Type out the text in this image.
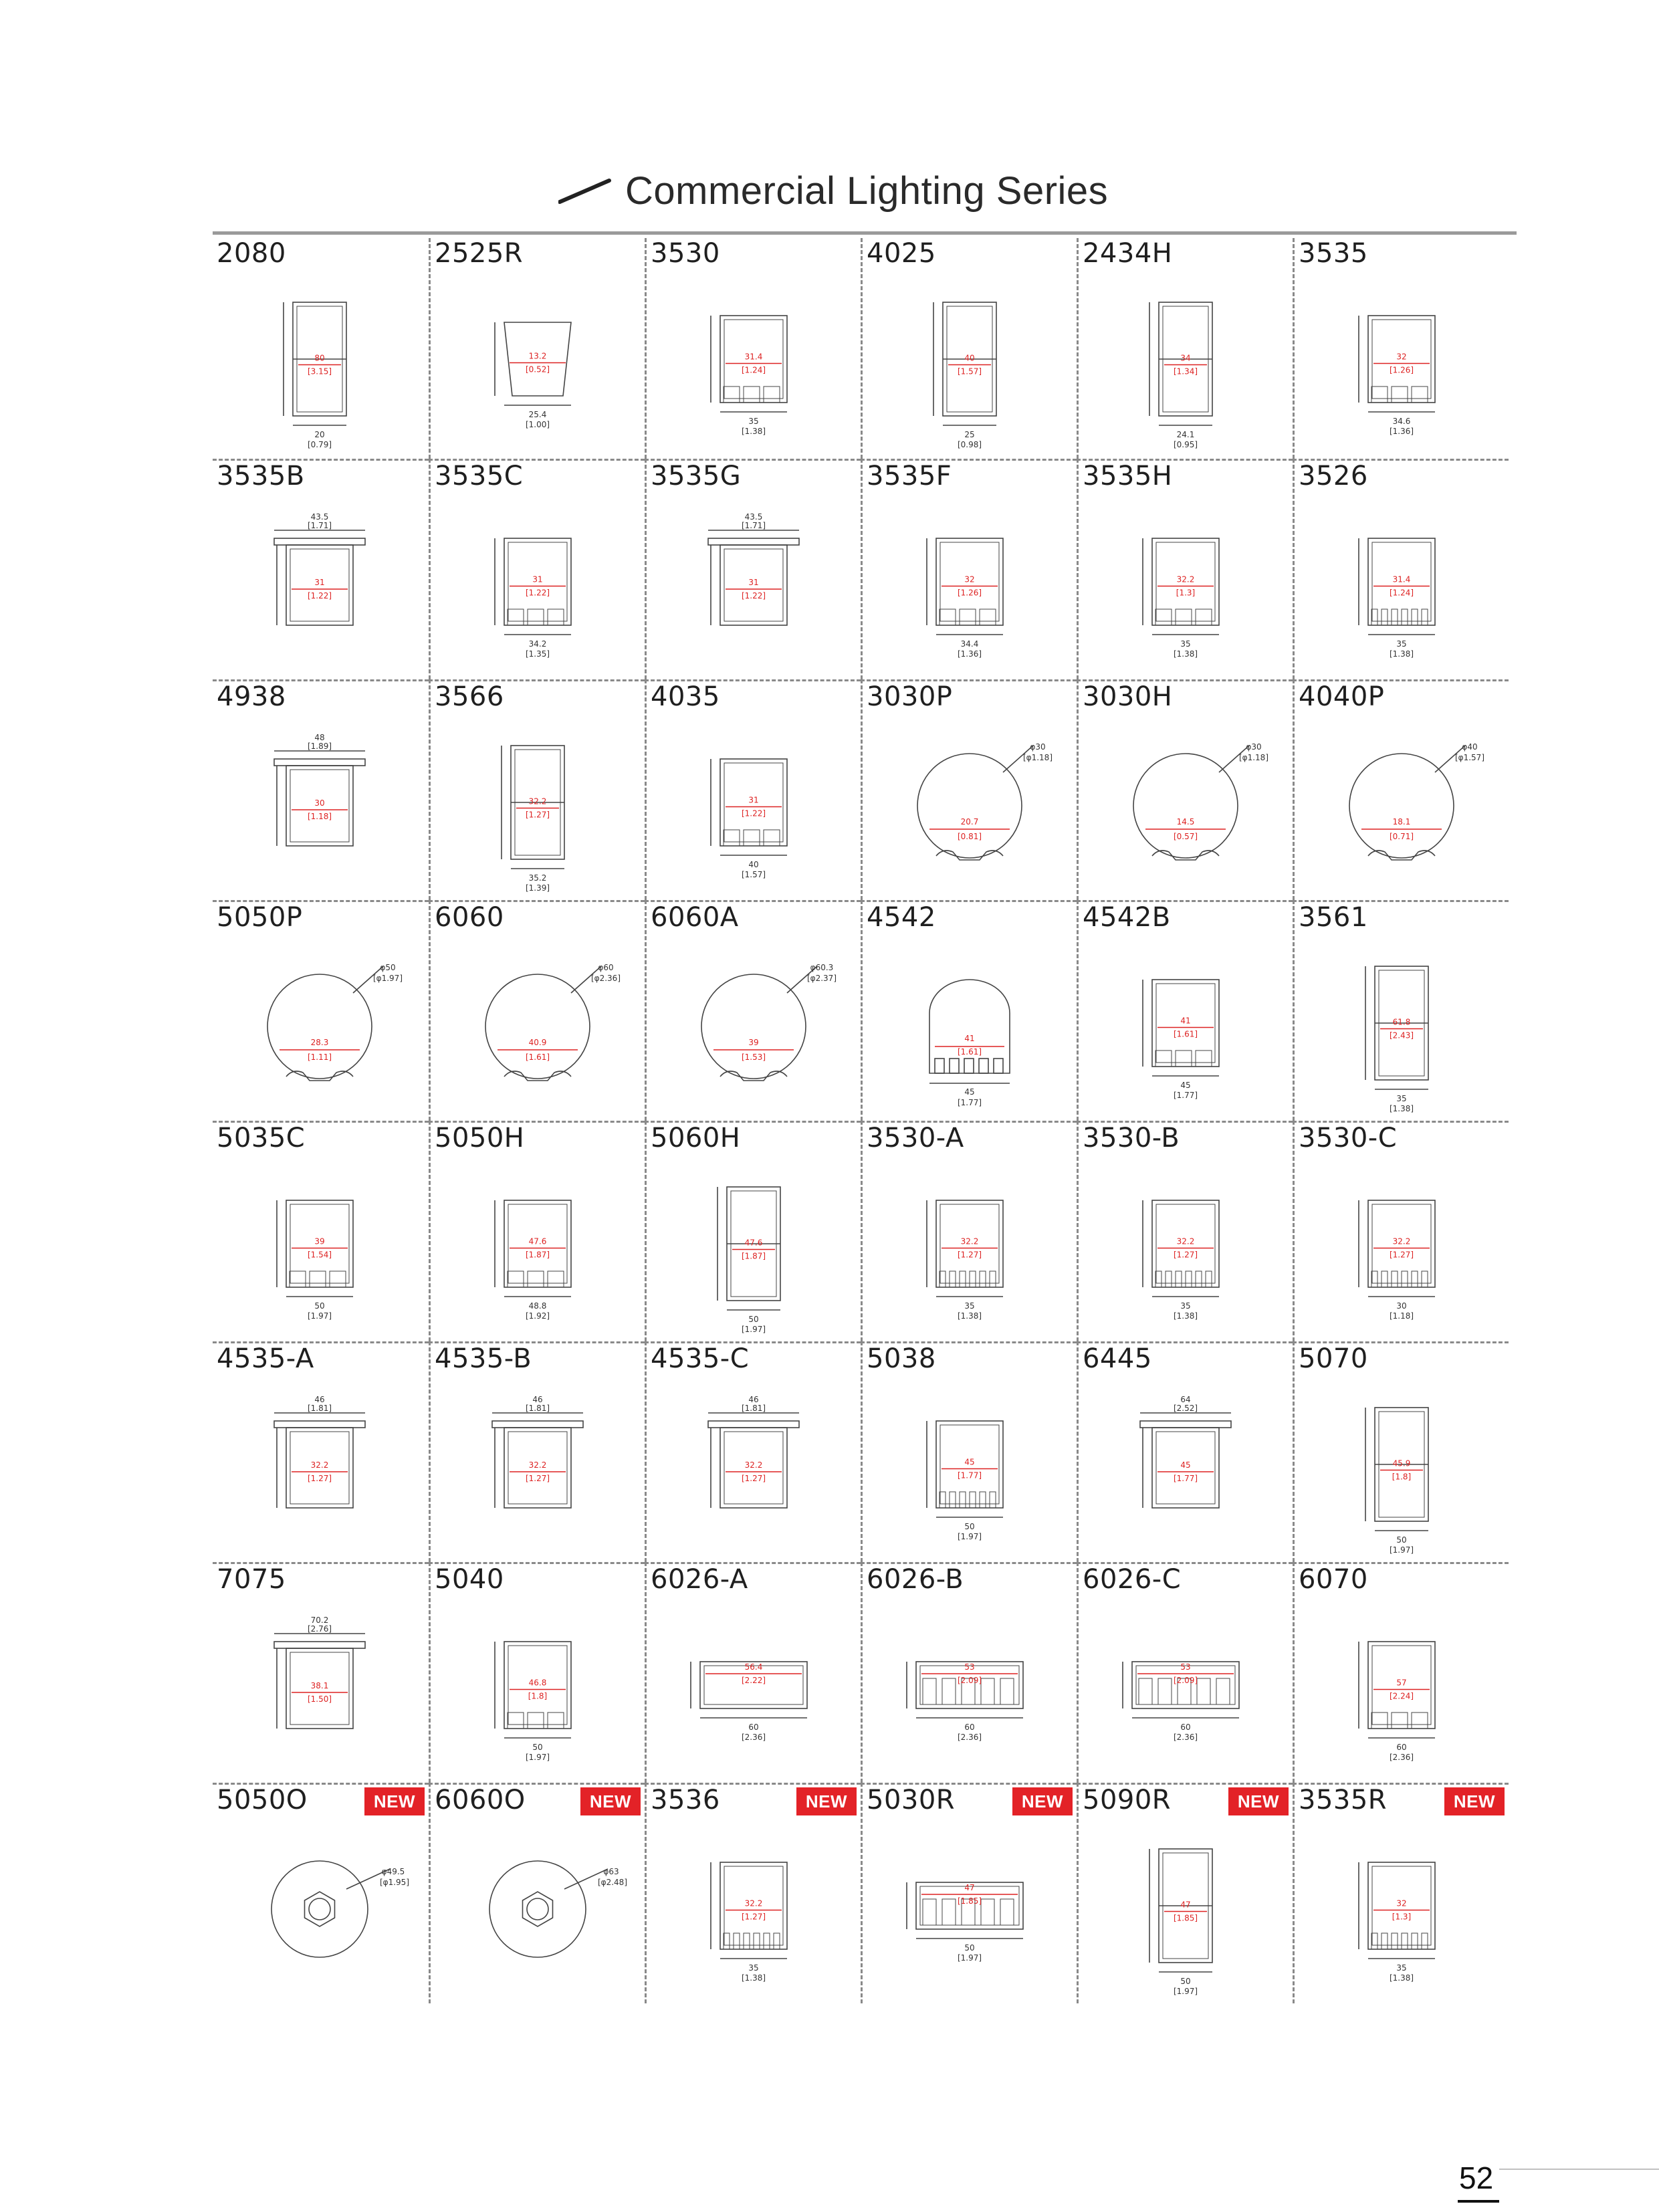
Commercial Lighting Series
2080
80
[3.15]
20
[0.79]
2525R
13.2
[0.52]
25.4
[1.00]
3530
31.4
[1.24]
35
[1.38]
4025
40
[1.57]
25
[0.98]
2434H
34
[1.34]
24.1
[0.95]
3535
32
[1.26]
34.6
[1.36]
3535B
43.5
[1.71]
31
[1.22]
3535C
31
[1.22]
34.2
[1.35]
3535G
43.5
[1.71]
31
[1.22]
3535F
32
[1.26]
34.4
[1.36]
3535H
32.2
[1.3]
35
[1.38]
3526
31.4
[1.24]
35
[1.38]
4938
48
[1.89]
30
[1.18]
3566
32.2
[1.27]
35.2
[1.39]
4035
31
[1.22]
40
[1.57]
3030P
20.7
[0.81]
φ30
[φ1.18]
3030H
14.5
[0.57]
φ30
[φ1.18]
4040P
18.1
[0.71]
φ40
[φ1.57]
5050P
28.3
[1.11]
φ50
[φ1.97]
6060
40.9
[1.61]
φ60
[φ2.36]
6060A
39
[1.53]
φ60.3
[φ2.37]
4542
41
[1.61]
45
[1.77]
4542B
41
[1.61]
45
[1.77]
3561
61.8
[2.43]
35
[1.38]
5035C
39
[1.54]
50
[1.97]
5050H
47.6
[1.87]
48.8
[1.92]
5060H
47.6
[1.87]
50
[1.97]
3530-A
32.2
[1.27]
35
[1.38]
3530-B
32.2
[1.27]
35
[1.38]
3530-C
32.2
[1.27]
30
[1.18]
4535-A
46
[1.81]
32.2
[1.27]
4535-B
46
[1.81]
32.2
[1.27]
4535-C
46
[1.81]
32.2
[1.27]
5038
45
[1.77]
50
[1.97]
6445
64
[2.52]
45
[1.77]
5070
45.9
[1.8]
50
[1.97]
7075
70.2
[2.76]
38.1
[1.50]
5040
46.8
[1.8]
50
[1.97]
6026-A
56.4
[2.22]
60
[2.36]
6026-B
53
[2.09]
60
[2.36]
6026-C
53
[2.09]
60
[2.36]
6070
57
[2.24]
60
[2.36]
5050O	NEW
φ49.5
[φ1.95]
6060O	NEW
φ63
[φ2.48]
3536	NEW
32.2
[1.27]
35
[1.38]
5030R	NEW
47
[1.85]
50
[1.97]
5090R	NEW
47
[1.85]
50
[1.97]
3535R	NEW
32
[1.3]
35
[1.38]
52
